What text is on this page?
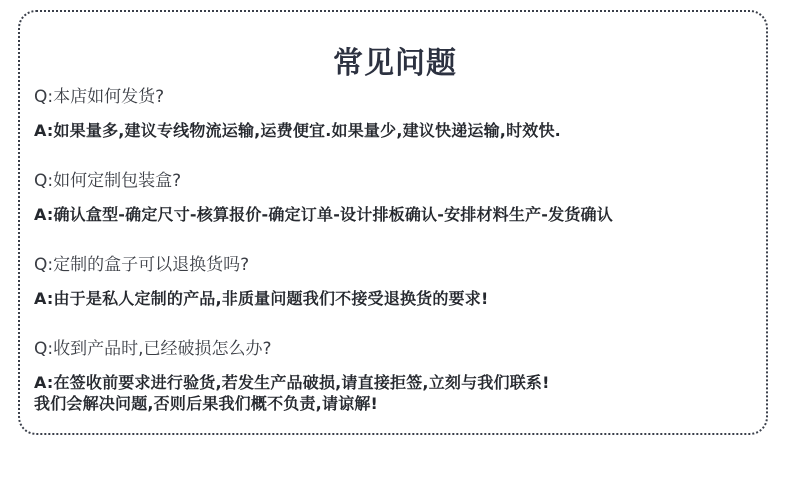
常见问题
Q:本店如何发货?
A:如果量多,建议专线物流运输,运费便宜.如果量少,建议快递运输,时效快.
Q:如何定制包装盒?
A:确认盒型-确定尺寸-核算报价-确定订单-设计排板确认-安排材料生产-发货确认
Q:定制的盒子可以退换货吗?
A:由于是私人定制的产品,非质量问题我们不接受退换货的要求!
Q:收到产品时,已经破损怎么办?
A:在签收前要求进行验货,若发生产品破损,请直接拒签,立刻与我们联系!
我们会解决问题,否则后果我们概不负责,请谅解!
